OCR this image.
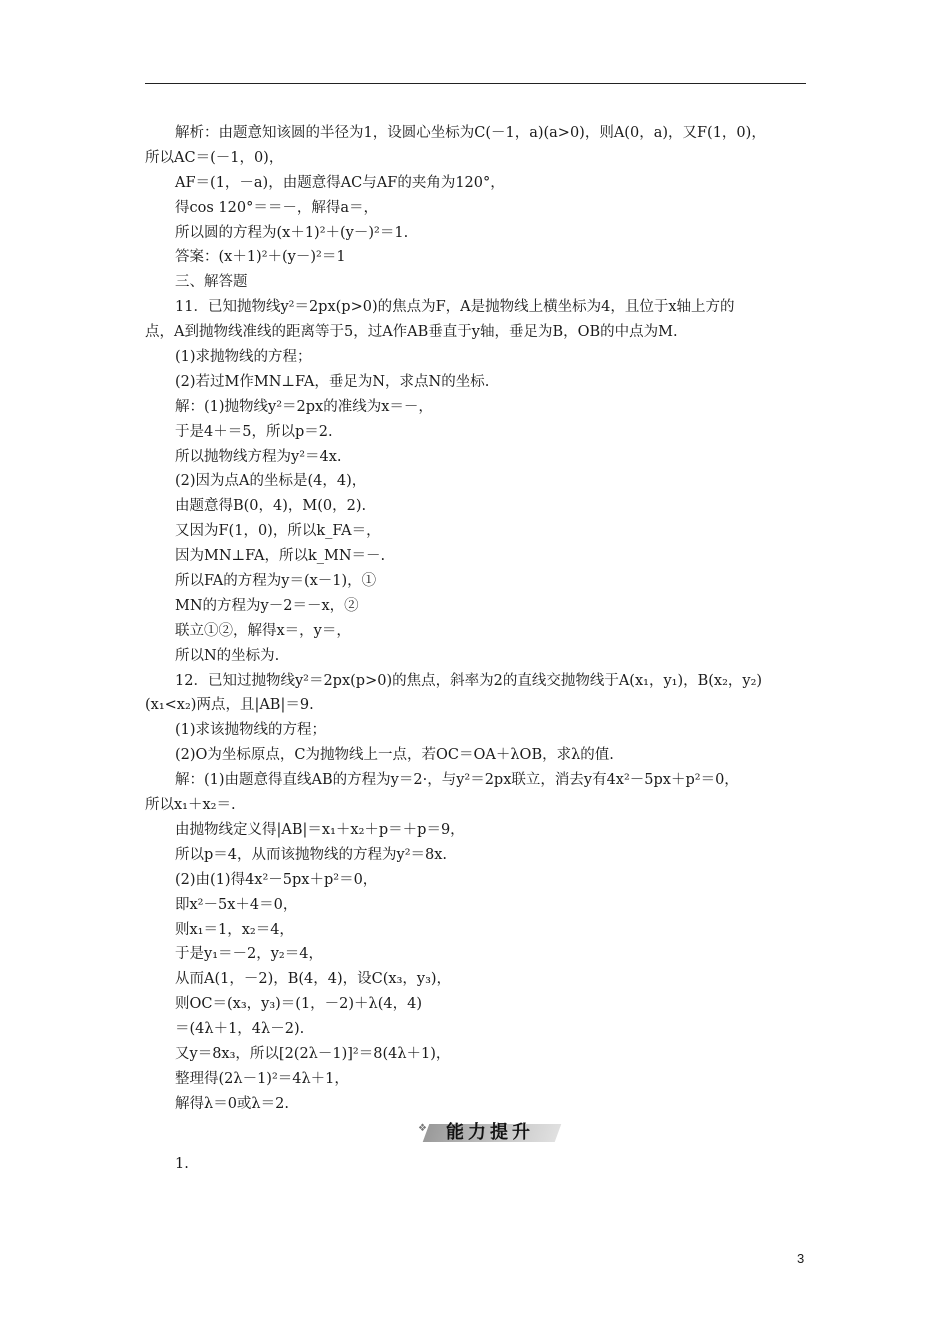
解析：由题意知该圆的半径为1，设圆心坐标为C(－1，a)(a>0)，则A(0，a)，又F(1，0)，
所以AC＝(－1，0)，
AF＝(1，－a)，由题意得AC与AF的夹角为120°，
得cos 120°＝＝－，解得a＝，
所以圆的方程为(x＋1)²＋(y－)²＝1.
答案：(x＋1)²＋(y－)²＝1
三、解答题
11．已知抛物线y²＝2px(p>0)的焦点为F，A是抛物线上横坐标为4，且位于x轴上方的
点，A到抛物线准线的距离等于5，过A作AB垂直于y轴，垂足为B，OB的中点为M.
(1)求抛物线的方程；
(2)若过M作MN⊥FA，垂足为N，求点N的坐标.
解：(1)抛物线y²＝2px的准线为x＝－，
于是4＋＝5，所以p＝2.
所以抛物线方程为y²＝4x.
(2)因为点A的坐标是(4，4)，
由题意得B(0，4)，M(0，2).
又因为F(1，0)，所以k_FA＝，
因为MN⊥FA，所以k_MN＝－.
所以FA的方程为y＝(x－1)，①
MN的方程为y－2＝－x，②
联立①②，解得x＝，y＝，
所以N的坐标为.
12．已知过抛物线y²＝2px(p>0)的焦点，斜率为2的直线交抛物线于A(x₁，y₁)，B(x₂，y₂)
(x₁<x₂)两点，且|AB|＝9.
(1)求该抛物线的方程；
(2)O为坐标原点，C为抛物线上一点，若OC＝OA＋λOB，求λ的值.
解：(1)由题意得直线AB的方程为y＝2·，与y²＝2px联立，消去y有4x²－5px＋p²＝0，
所以x₁＋x₂＝.
由抛物线定义得|AB|＝x₁＋x₂＋p＝＋p＝9，
所以p＝4，从而该抛物线的方程为y²＝8x.
(2)由(1)得4x²－5px＋p²＝0，
即x²－5x＋4＝0，
则x₁＝1，x₂＝4，
于是y₁＝－2，y₂＝4，
从而A(1，－2)，B(4，4)，设C(x₃，y₃)，
则OC＝(x₃，y₃)＝(1，－2)＋λ(4，4)
＝(4λ＋1，4λ－2).
又y＝8x₃，所以[2(2λ－1)]²＝8(4λ＋1)，
整理得(2λ－1)²＝4λ＋1，
解得λ＝0或λ＝2.
❖ 能力提升
1.
3
